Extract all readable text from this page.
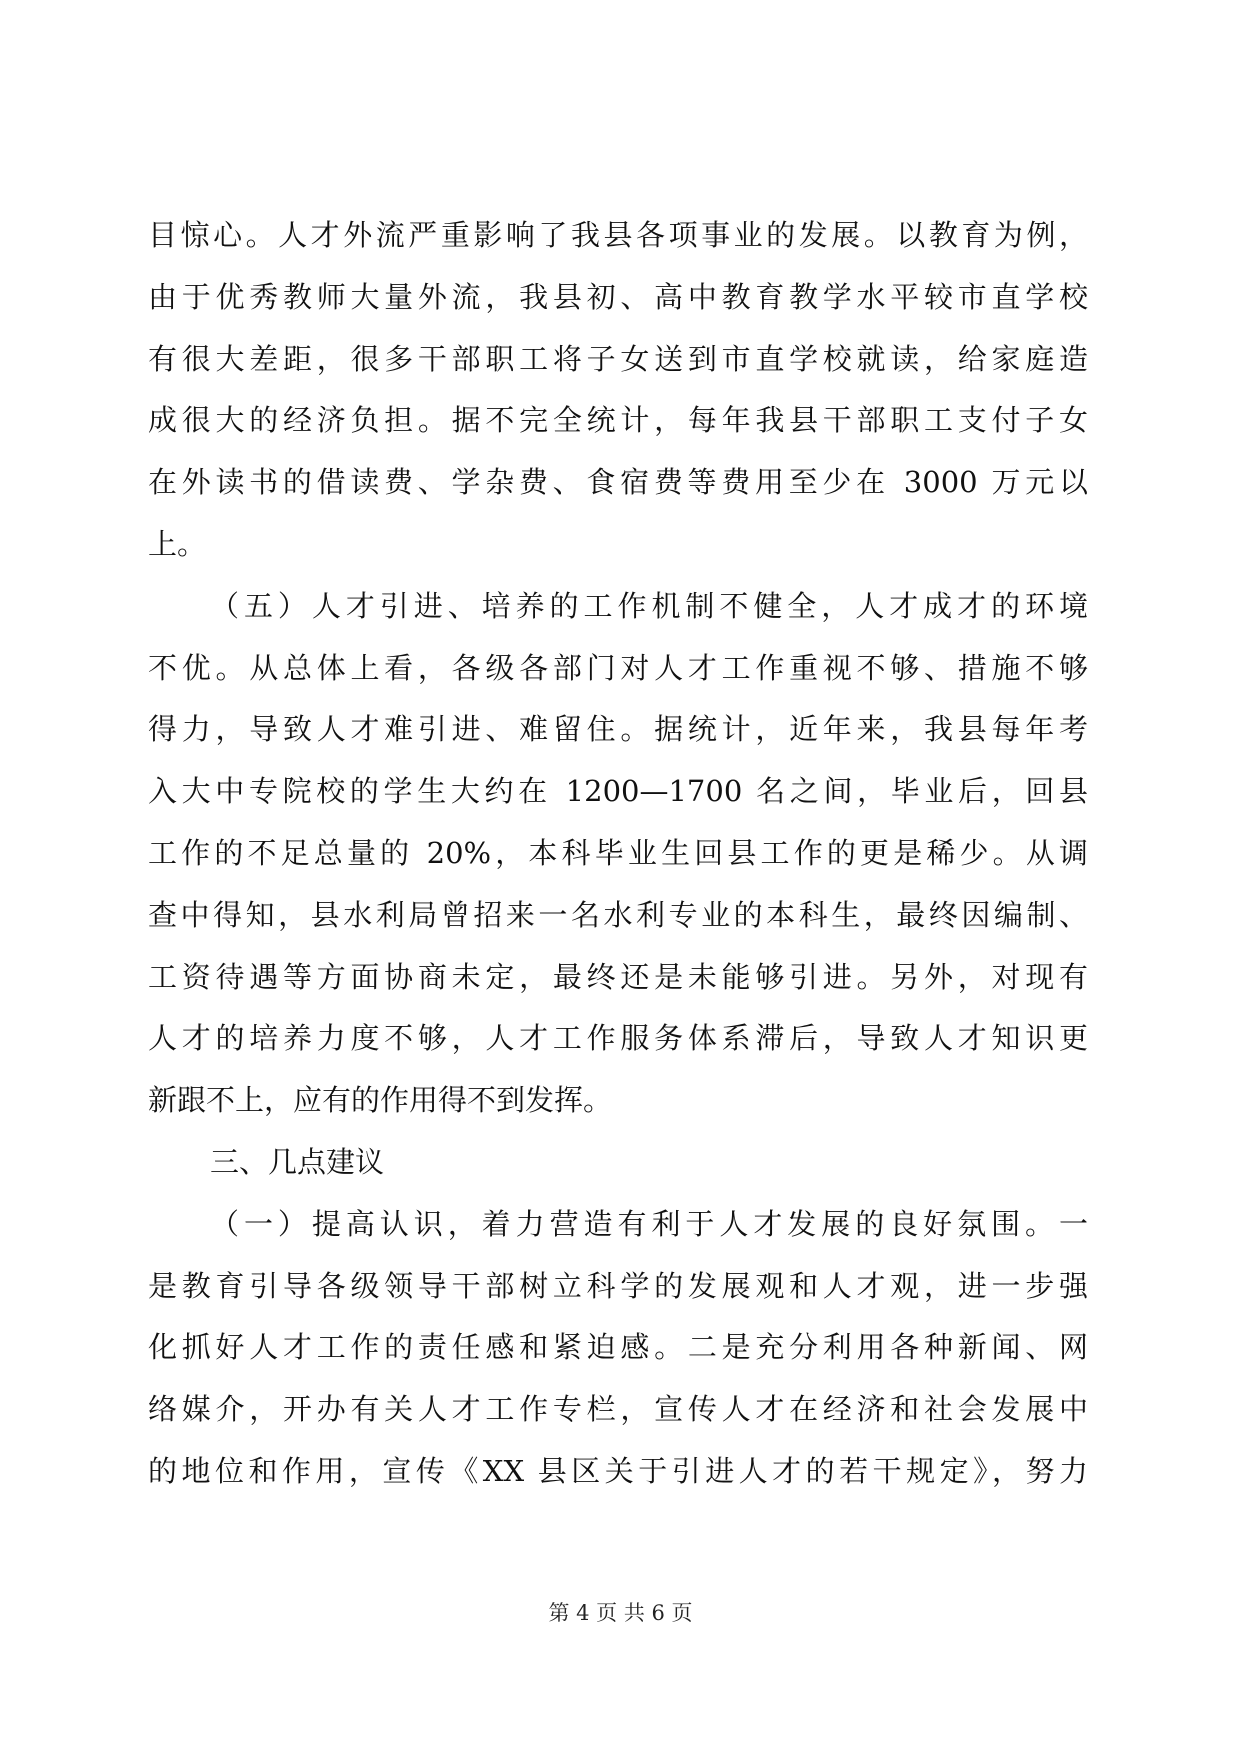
目惊心。人才外流严重影响了我县各项事业的发展。以教育为例，
由于优秀教师大量外流，我县初、高中教育教学水平较市直学校
有很大差距，很多干部职工将子女送到市直学校就读，给家庭造
成很大的经济负担。据不完全统计，每年我县干部职工支付子女
在外读书的借读费、学杂费、食宿费等费用至少在 3000 万元以
上。
（五）人才引进、培养的工作机制不健全，人才成才的环境
不优。从总体上看，各级各部门对人才工作重视不够、措施不够
得力，导致人才难引进、难留住。据统计，近年来，我县每年考
入大中专院校的学生大约在 1200—1700 名之间，毕业后，回县
工作的不足总量的 20%，本科毕业生回县工作的更是稀少。从调
查中得知，县水利局曾招来一名水利专业的本科生，最终因编制、
工资待遇等方面协商未定，最终还是未能够引进。另外，对现有
人才的培养力度不够，人才工作服务体系滞后，导致人才知识更
新跟不上，应有的作用得不到发挥。
三、几点建议
（一）提高认识，着力营造有利于人才发展的良好氛围。一
是教育引导各级领导干部树立科学的发展观和人才观，进一步强
化抓好人才工作的责任感和紧迫感。二是充分利用各种新闻、网
络媒介，开办有关人才工作专栏，宣传人才在经济和社会发展中
的地位和作用，宣传《XX 县区关于引进人才的若干规定》，努力
第 4 页 共 6 页
